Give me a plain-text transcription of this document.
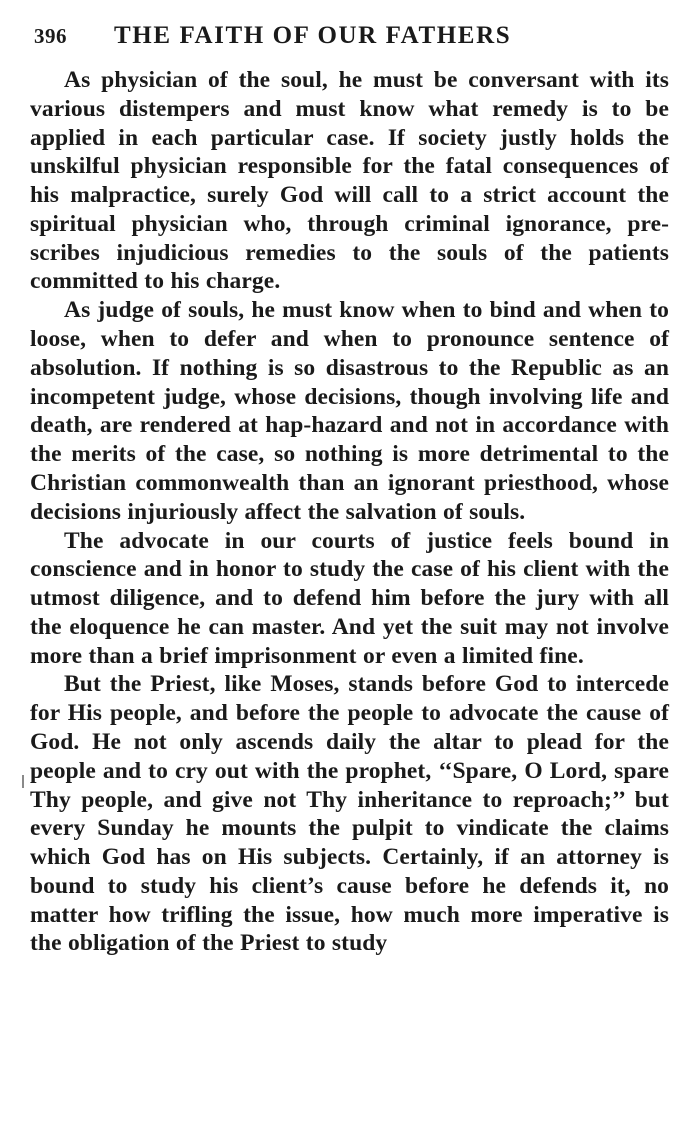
396	THE FAITH OF OUR FATHERS

As physician of the soul, he must be conversant with its various distempers and must know what remedy is to be applied in each particular case. If society justly holds the unskilful physician responsible for the fatal consequences of his malpractice, surely God will call to a strict account the spiritual physician who, through criminal ignorance, prescribes injudicious remedies to the souls of the patients committed to his charge.

As judge of souls, he must know when to bind and when to loose, when to defer and when to pronounce sentence of absolution. If nothing is so disastrous to the Republic as an incompetent judge, whose decisions, though involving life and death, are rendered at hap-hazard and not in accordance with the merits of the case, so nothing is more detrimental to the Christian commonwealth than an ignorant priesthood, whose decisions injuriously affect the salvation of souls.

The advocate in our courts of justice feels bound in conscience and in honor to study the case of his client with the utmost diligence, and to defend him before the jury with all the eloquence he can master. And yet the suit may not involve more than a brief imprisonment or even a limited fine.

But the Priest, like Moses, stands before God to intercede for His people, and before the people to advocate the cause of God. He not only ascends daily the altar to plead for the people and to cry out with the prophet, ‘‘Spare, O Lord, spare Thy people, and give not Thy inheritance to reproach;’’ but every Sunday he mounts the pulpit to vindicate the claims which God has on His subjects. Certainly, if an attorney is bound to study his client’s cause before he defends it, no matter how trifling the issue, how much more imperative is the obligation of the Priest to study
